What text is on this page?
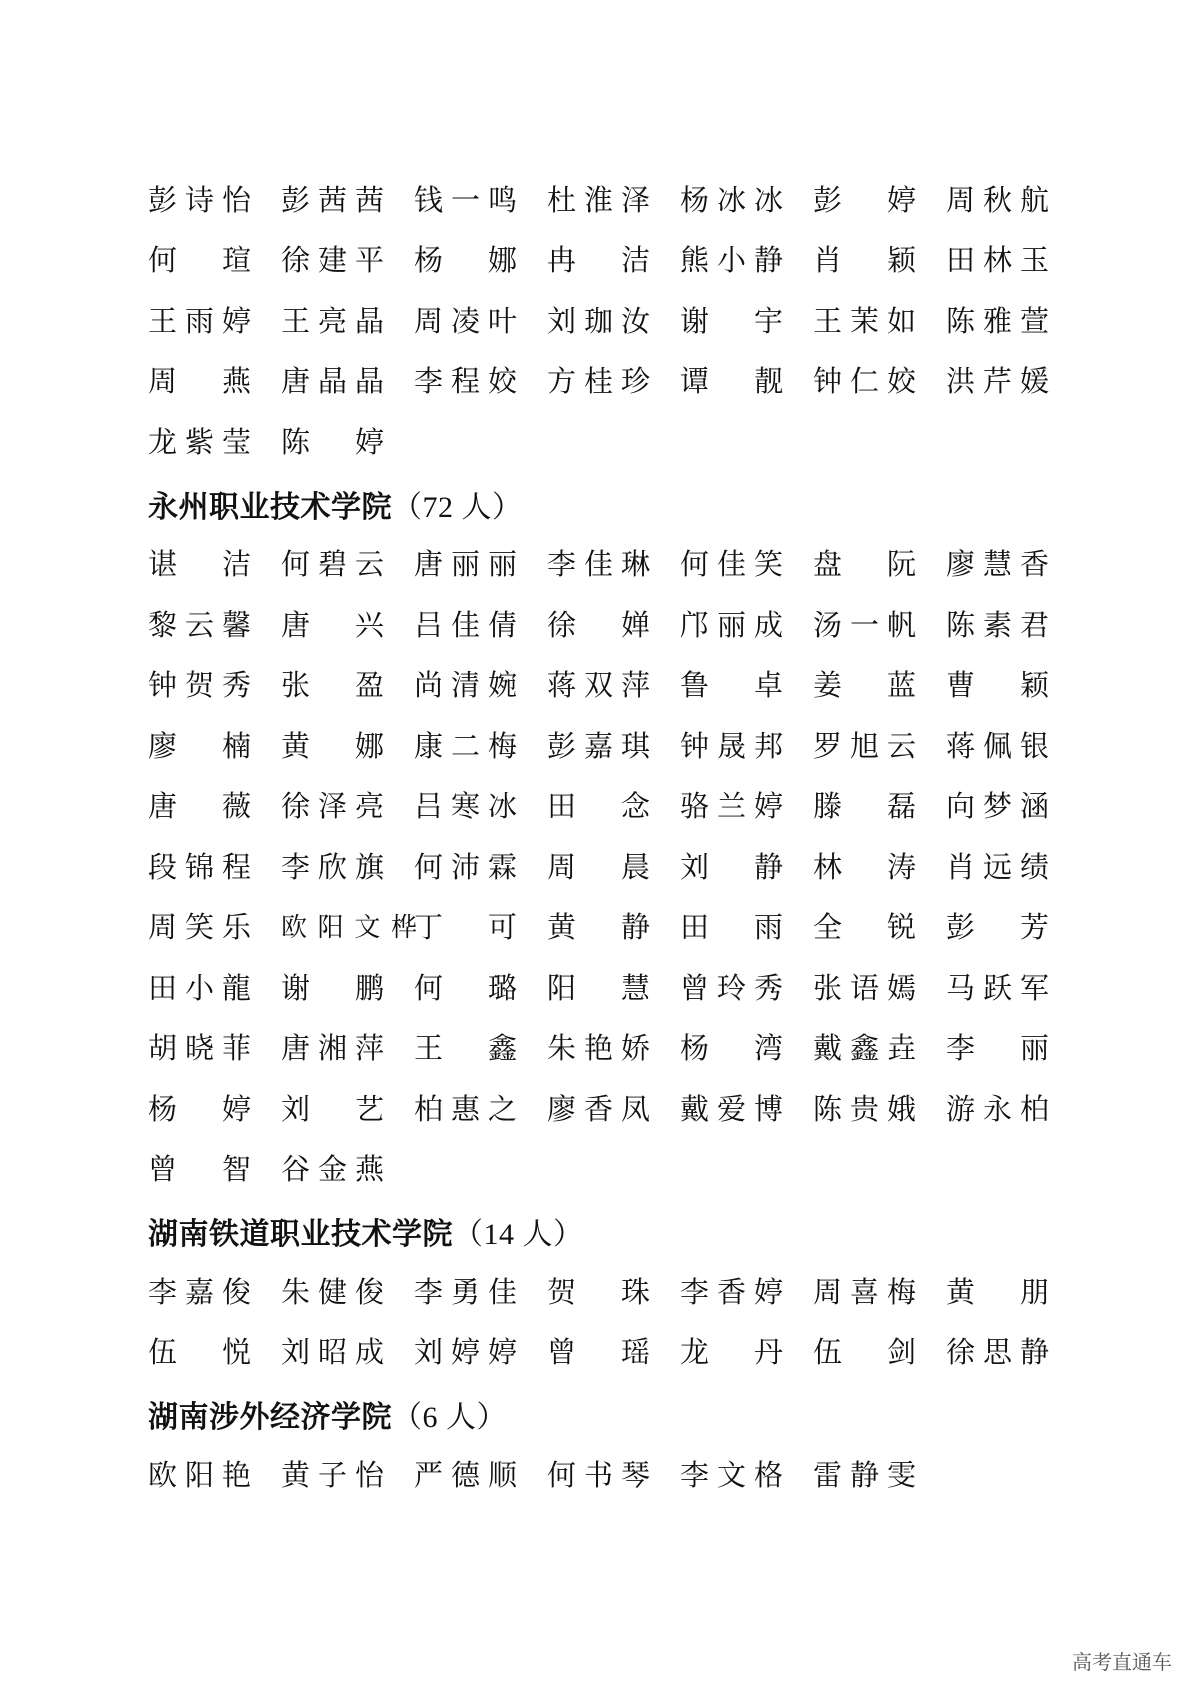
彭 诗 怡 彭 茜 茜 钱 一 鸣 杜 淮 泽 杨 冰 冰 彭 婷 周 秋 航
何 瑄 徐 建 平 杨 娜 冉 洁 熊 小 静 肖 颖 田 林 玉
王 雨 婷 王 亮 晶 周 凌 叶 刘 珈 汝 谢 宇 王 茉 如 陈 雅 萱
周 燕 唐 晶 晶 李 程 姣 方 桂 珍 谭 靓 钟 仁 姣 洪 芹 媛
龙 紫 莹 陈 婷
永州职业技术学院 （72 人）
谌 洁 何 碧 云 唐 丽 丽 李 佳 琳 何 佳 笑 盘 阮 廖 慧 香
黎 云 馨 唐 兴 吕 佳 倩 徐 婵 邝 丽 成 汤 一 帆 陈 素 君
钟 贺 秀 张 盈 尚 清 婉 蒋 双 萍 鲁 卓 姜 蓝 曹 颖
廖 楠 黄 娜 康 二 梅 彭 嘉 琪 钟 晟 邦 罗 旭 云 蒋 佩 银
唐 薇 徐 泽 亮 吕 寒 冰 田 念 骆 兰 婷 滕 磊 向 梦 涵
段 锦 程 李 欣 旗 何 沛 霖 周 晨 刘 静 林 涛 肖 远 绩
周 笑 乐 欧 阳 文 桦
丁 可 黄 静 田 雨 全 锐 彭 芳
田 小 龍 谢 鹏 何 璐 阳 慧 曾 玲 秀 张 语 嫣 马 跃 军
胡 晓 菲 唐 湘 萍 王 鑫 朱 艳 娇 杨 湾 戴 鑫 垚 李 丽
杨 婷 刘 艺 柏 惠 之 廖 香 凤 戴 爱 博 陈 贵 娥 游 永 柏
曾 智 谷 金 燕
湖南铁道职业技术学院 （14 人）
李 嘉 俊 朱 健 俊 李 勇 佳 贺 珠 李 香 婷 周 喜 梅 黄 朋
伍 悦 刘 昭 成 刘 婷 婷 曾 瑶 龙 丹 伍 剑 徐 思 静
湖南涉外经济学院 （6 人）
欧 阳 艳 黄 子 怡 严 德 顺 何 书 琴 李 文 格 雷 静 雯
高考直通车
